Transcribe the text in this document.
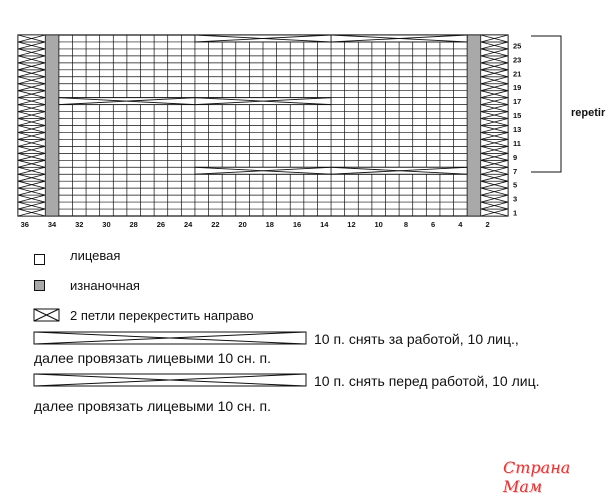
36	34	32	30	28	26	24	22	20	18	16	14	12	10	8	6	4	2
25
23
21
19
17
15
13
11
9
7
5
3
1
repetir
лицевая
изнаночная
2 петли перекрестить направо
10 п. снять за работой, 10 лиц.,
далее провязать лицевыми 10 сн. п.
10 п. снять перед работой, 10 лиц.
далее провязать лицевыми 10 сн. п.
Страна Мам
